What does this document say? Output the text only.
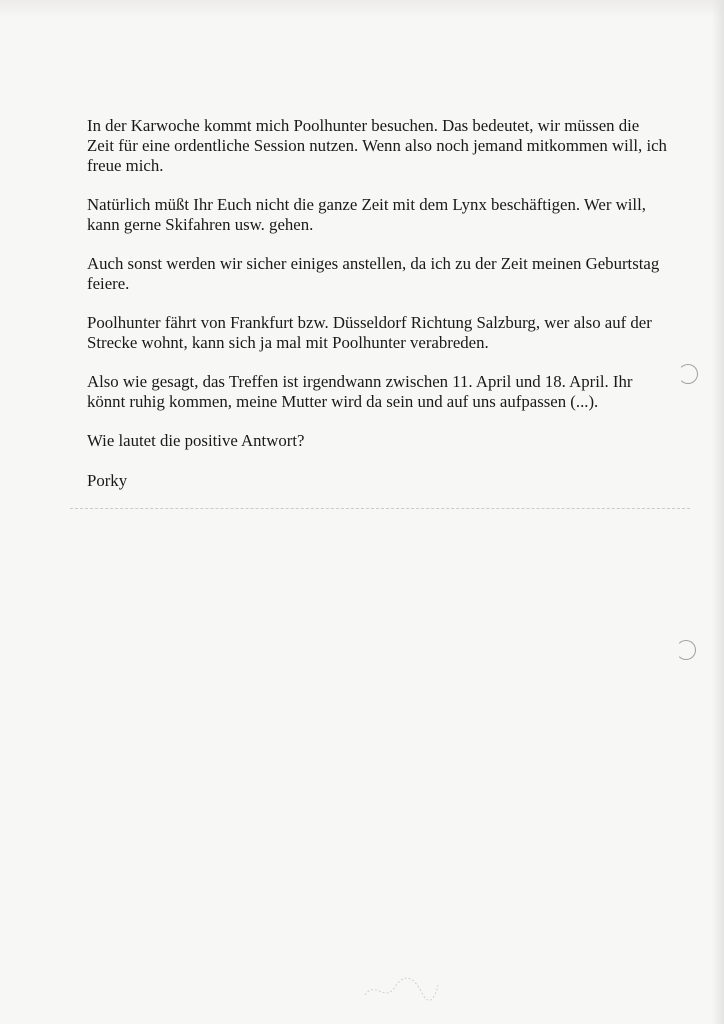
In der Karwoche kommt mich Poolhunter besuchen. Das bedeutet, wir müssen die Zeit für eine ordentliche Session nutzen. Wenn also noch jemand mitkommen will, ich freue mich.

Natürlich müßt Ihr Euch nicht die ganze Zeit mit dem Lynx beschäftigen. Wer will, kann gerne Skifahren usw. gehen.

Auch sonst werden wir sicher einiges anstellen, da ich zu der Zeit meinen Geburtstag feiere.

Poolhunter fährt von Frankfurt bzw. Düsseldorf Richtung Salzburg, wer also auf der Strecke wohnt, kann sich ja mal mit Poolhunter verabreden.

Also wie gesagt, das Treffen ist irgendwann zwischen 11. April und 18. April. Ihr könnt ruhig kommen, meine Mutter wird da sein und auf uns aufpassen (...).

Wie lautet die positive Antwort?

Porky
